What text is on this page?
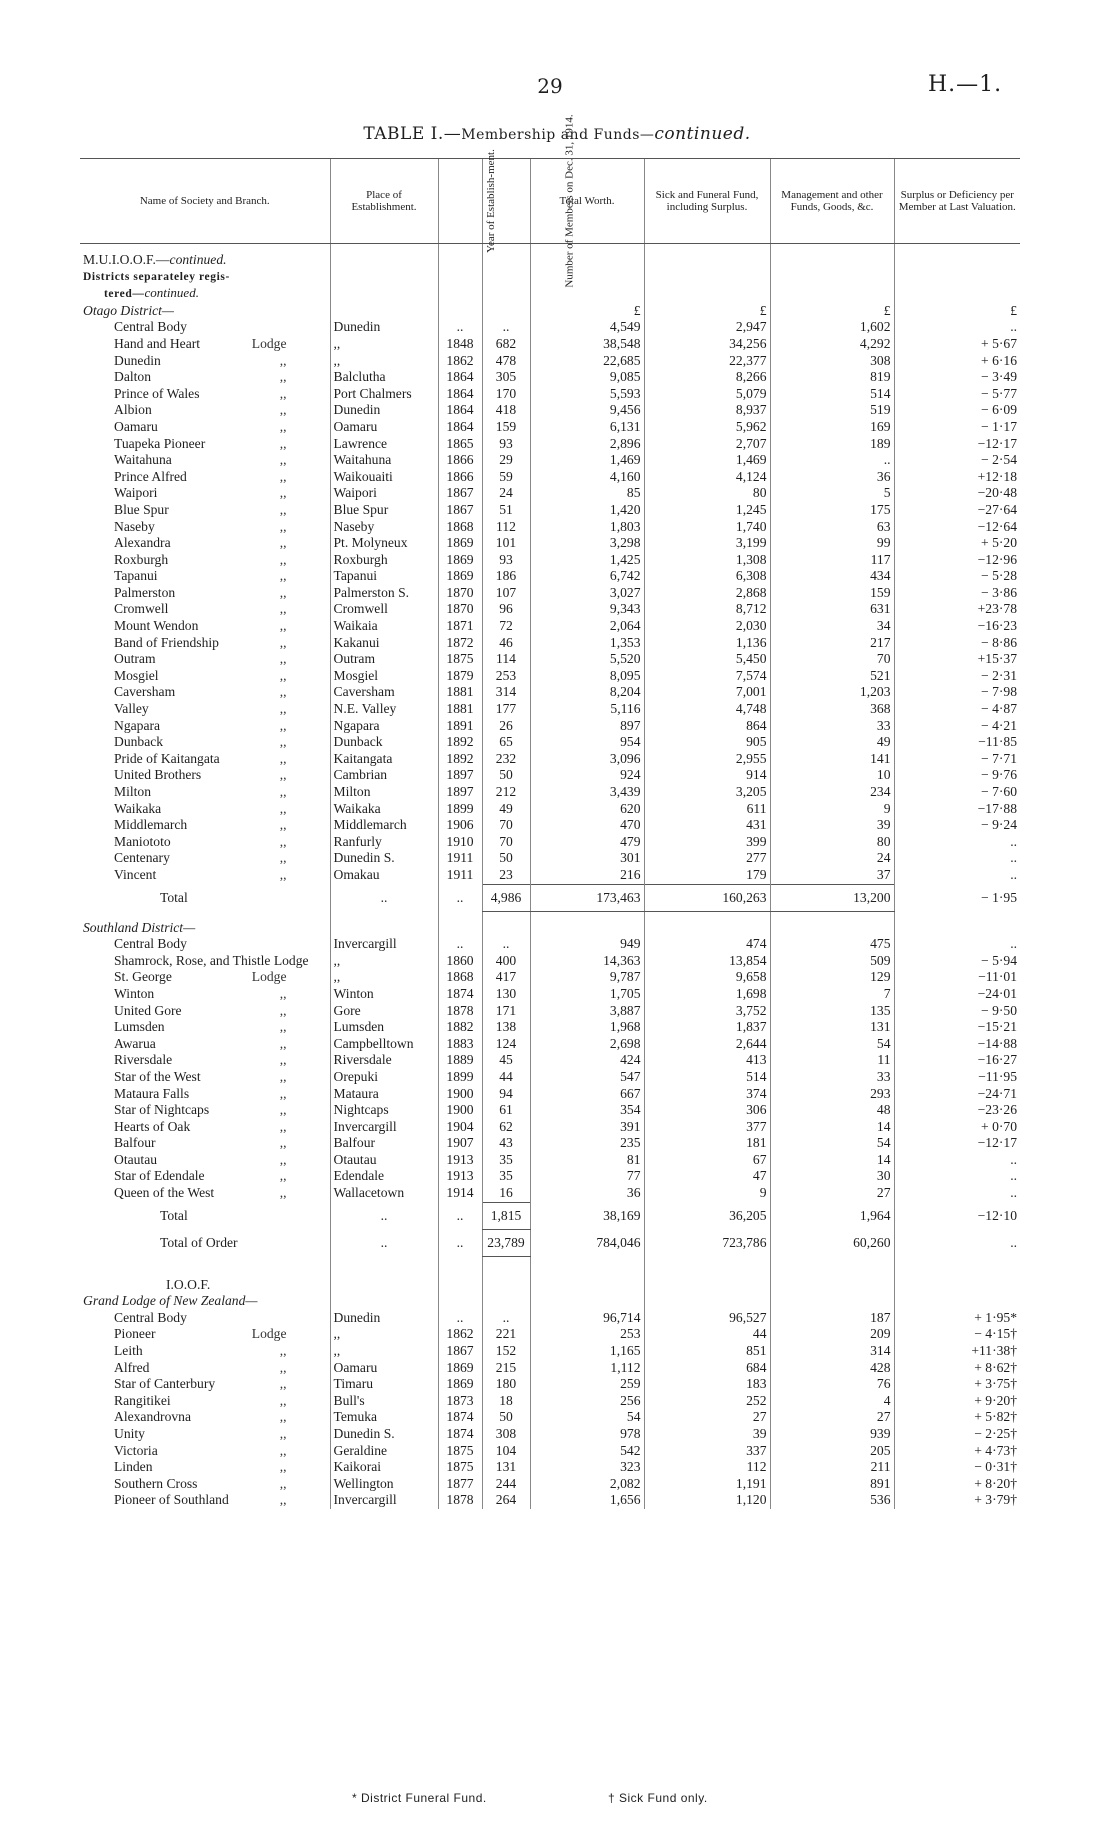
29	H.—1.
TABLE I.—Membership and Funds—continued.
Name of Society and Branch.	Place of Establishment.	Year of Establish-ment.	Number of Members on Dec. 31, 1914.	Total Worth.	Sick and Funeral Fund, including Surplus.	Management and other Funds, Goods, &c.	Surplus or Deficiency per Member at Last Valuation.

M.U.I.O.O.F.—continued.							
Districts separateley regis-							
tered—continued.							
Otago District—				£	£	£	£

Central Body	Dunedin	..	..	4,549	2,947	1,602	..

Hand and Heart Lodge	,,	1848	682	38,548	34,256	4,292	+ 5·67

Dunedin ,,	,,	1862	478	22,685	22,377	308	+ 6·16

Dalton ,,	Balclutha	1864	305	9,085	8,266	819	− 3·49

Prince of Wales ,,	Port Chalmers	1864	170	5,593	5,079	514	− 5·77

Albion ,,	Dunedin	1864	418	9,456	8,937	519	− 6·09

Oamaru ,,	Oamaru	1864	159	6,131	5,962	169	− 1·17

Tuapeka Pioneer ,,	Lawrence	1865	93	2,896	2,707	189	−12·17

Waitahuna ,,	Waitahuna	1866	29	1,469	1,469	..	− 2·54

Prince Alfred ,,	Waikouaiti	1866	59	4,160	4,124	36	+12·18

Waipori ,,	Waipori	1867	24	85	80	5	−20·48

Blue Spur ,,	Blue Spur	1867	51	1,420	1,245	175	−27·64

Naseby ,,	Naseby	1868	112	1,803	1,740	63	−12·64

Alexandra ,,	Pt. Molyneux	1869	101	3,298	3,199	99	+ 5·20

Roxburgh ,,	Roxburgh	1869	93	1,425	1,308	117	−12·96

Tapanui ,,	Tapanui	1869	186	6,742	6,308	434	− 5·28

Palmerston ,,	Palmerston S.	1870	107	3,027	2,868	159	− 3·86

Cromwell ,,	Cromwell	1870	96	9,343	8,712	631	+23·78

Mount Wendon ,,	Waikaia	1871	72	2,064	2,030	34	−16·23

Band of Friendship ,,	Kakanui	1872	46	1,353	1,136	217	− 8·86

Outram ,,	Outram	1875	114	5,520	5,450	70	+15·37

Mosgiel ,,	Mosgiel	1879	253	8,095	7,574	521	− 2·31

Caversham ,,	Caversham	1881	314	8,204	7,001	1,203	− 7·98

Valley ,,	N.E. Valley	1881	177	5,116	4,748	368	− 4·87

Ngapara ,,	Ngapara	1891	26	897	864	33	− 4·21

Dunback ,,	Dunback	1892	65	954	905	49	−11·85

Pride of Kaitangata ,,	Kaitangata	1892	232	3,096	2,955	141	− 7·71

United Brothers ,,	Cambrian	1897	50	924	914	10	− 9·76

Milton ,,	Milton	1897	212	3,439	3,205	234	− 7·60

Waikaka ,,	Waikaka	1899	49	620	611	9	−17·88

Middlemarch ,,	Middlemarch	1906	70	470	431	39	− 9·24

Maniototo ,,	Ranfurly	1910	70	479	399	80	..

Centenary ,,	Dunedin S.	1911	50	301	277	24	..

Vincent ,,	Omakau	1911	23	216	179	37	..
Total	..	..	4,986	173,463	160,263	13,200	− 1·95

Southland District—							

Central Body	Invercargill	..	..	949	474	475	..

Shamrock, Rose, and Thistle Lodge	,,	1860	400	14,363	13,854	509	− 5·94

St. George Lodge	,,	1868	417	9,787	9,658	129	−11·01

Winton ,,	Winton	1874	130	1,705	1,698	7	−24·01

United Gore ,,	Gore	1878	171	3,887	3,752	135	− 9·50

Lumsden ,,	Lumsden	1882	138	1,968	1,837	131	−15·21

Awarua ,,	Campbelltown	1883	124	2,698	2,644	54	−14·88

Riversdale ,,	Riversdale	1889	45	424	413	11	−16·27

Star of the West ,,	Orepuki	1899	44	547	514	33	−11·95

Mataura Falls ,,	Mataura	1900	94	667	374	293	−24·71

Star of Nightcaps ,,	Nightcaps	1900	61	354	306	48	−23·26

Hearts of Oak ,,	Invercargill	1904	62	391	377	14	+ 0·70

Balfour ,,	Balfour	1907	43	235	181	54	−12·17

Otautau ,,	Otautau	1913	35	81	67	14	..

Star of Edendale ,,	Edendale	1913	35	77	47	30	..

Queen of the West ,,	Wallacetown	1914	16	36	9	27	..
Total	..	..	1,815	38,169	36,205	1,964	−12·10
Total of Order	..	..	23,789	784,046	723,786	60,260	..

I.O.O.F.							
Grand Lodge of New Zealand—							

Central Body	Dunedin	..	..	96,714	96,527	187	+ 1·95*

Pioneer Lodge	,,	1862	221	253	44	209	− 4·15†

Leith ,,	,,	1867	152	1,165	851	314	+11·38†

Alfred ,,	Oamaru	1869	215	1,112	684	428	+ 8·62†

Star of Canterbury ,,	Timaru	1869	180	259	183	76	+ 3·75†

Rangitikei ,,	Bull's	1873	18	256	252	4	+ 9·20†

Alexandrovna ,,	Temuka	1874	50	54	27	27	+ 5·82†

Unity ,,	Dunedin S.	1874	308	978	39	939	− 2·25†

Victoria ,,	Geraldine	1875	104	542	337	205	+ 4·73†

Linden ,,	Kaikorai	1875	131	323	112	211	− 0·31†

Southern Cross ,,	Wellington	1877	244	2,082	1,191	891	+ 8·20†

Pioneer of Southland ,,	Invercargill	1878	264	1,656	1,120	536	+ 3·79†
* District Funeral Fund.	† Sick Fund only.
